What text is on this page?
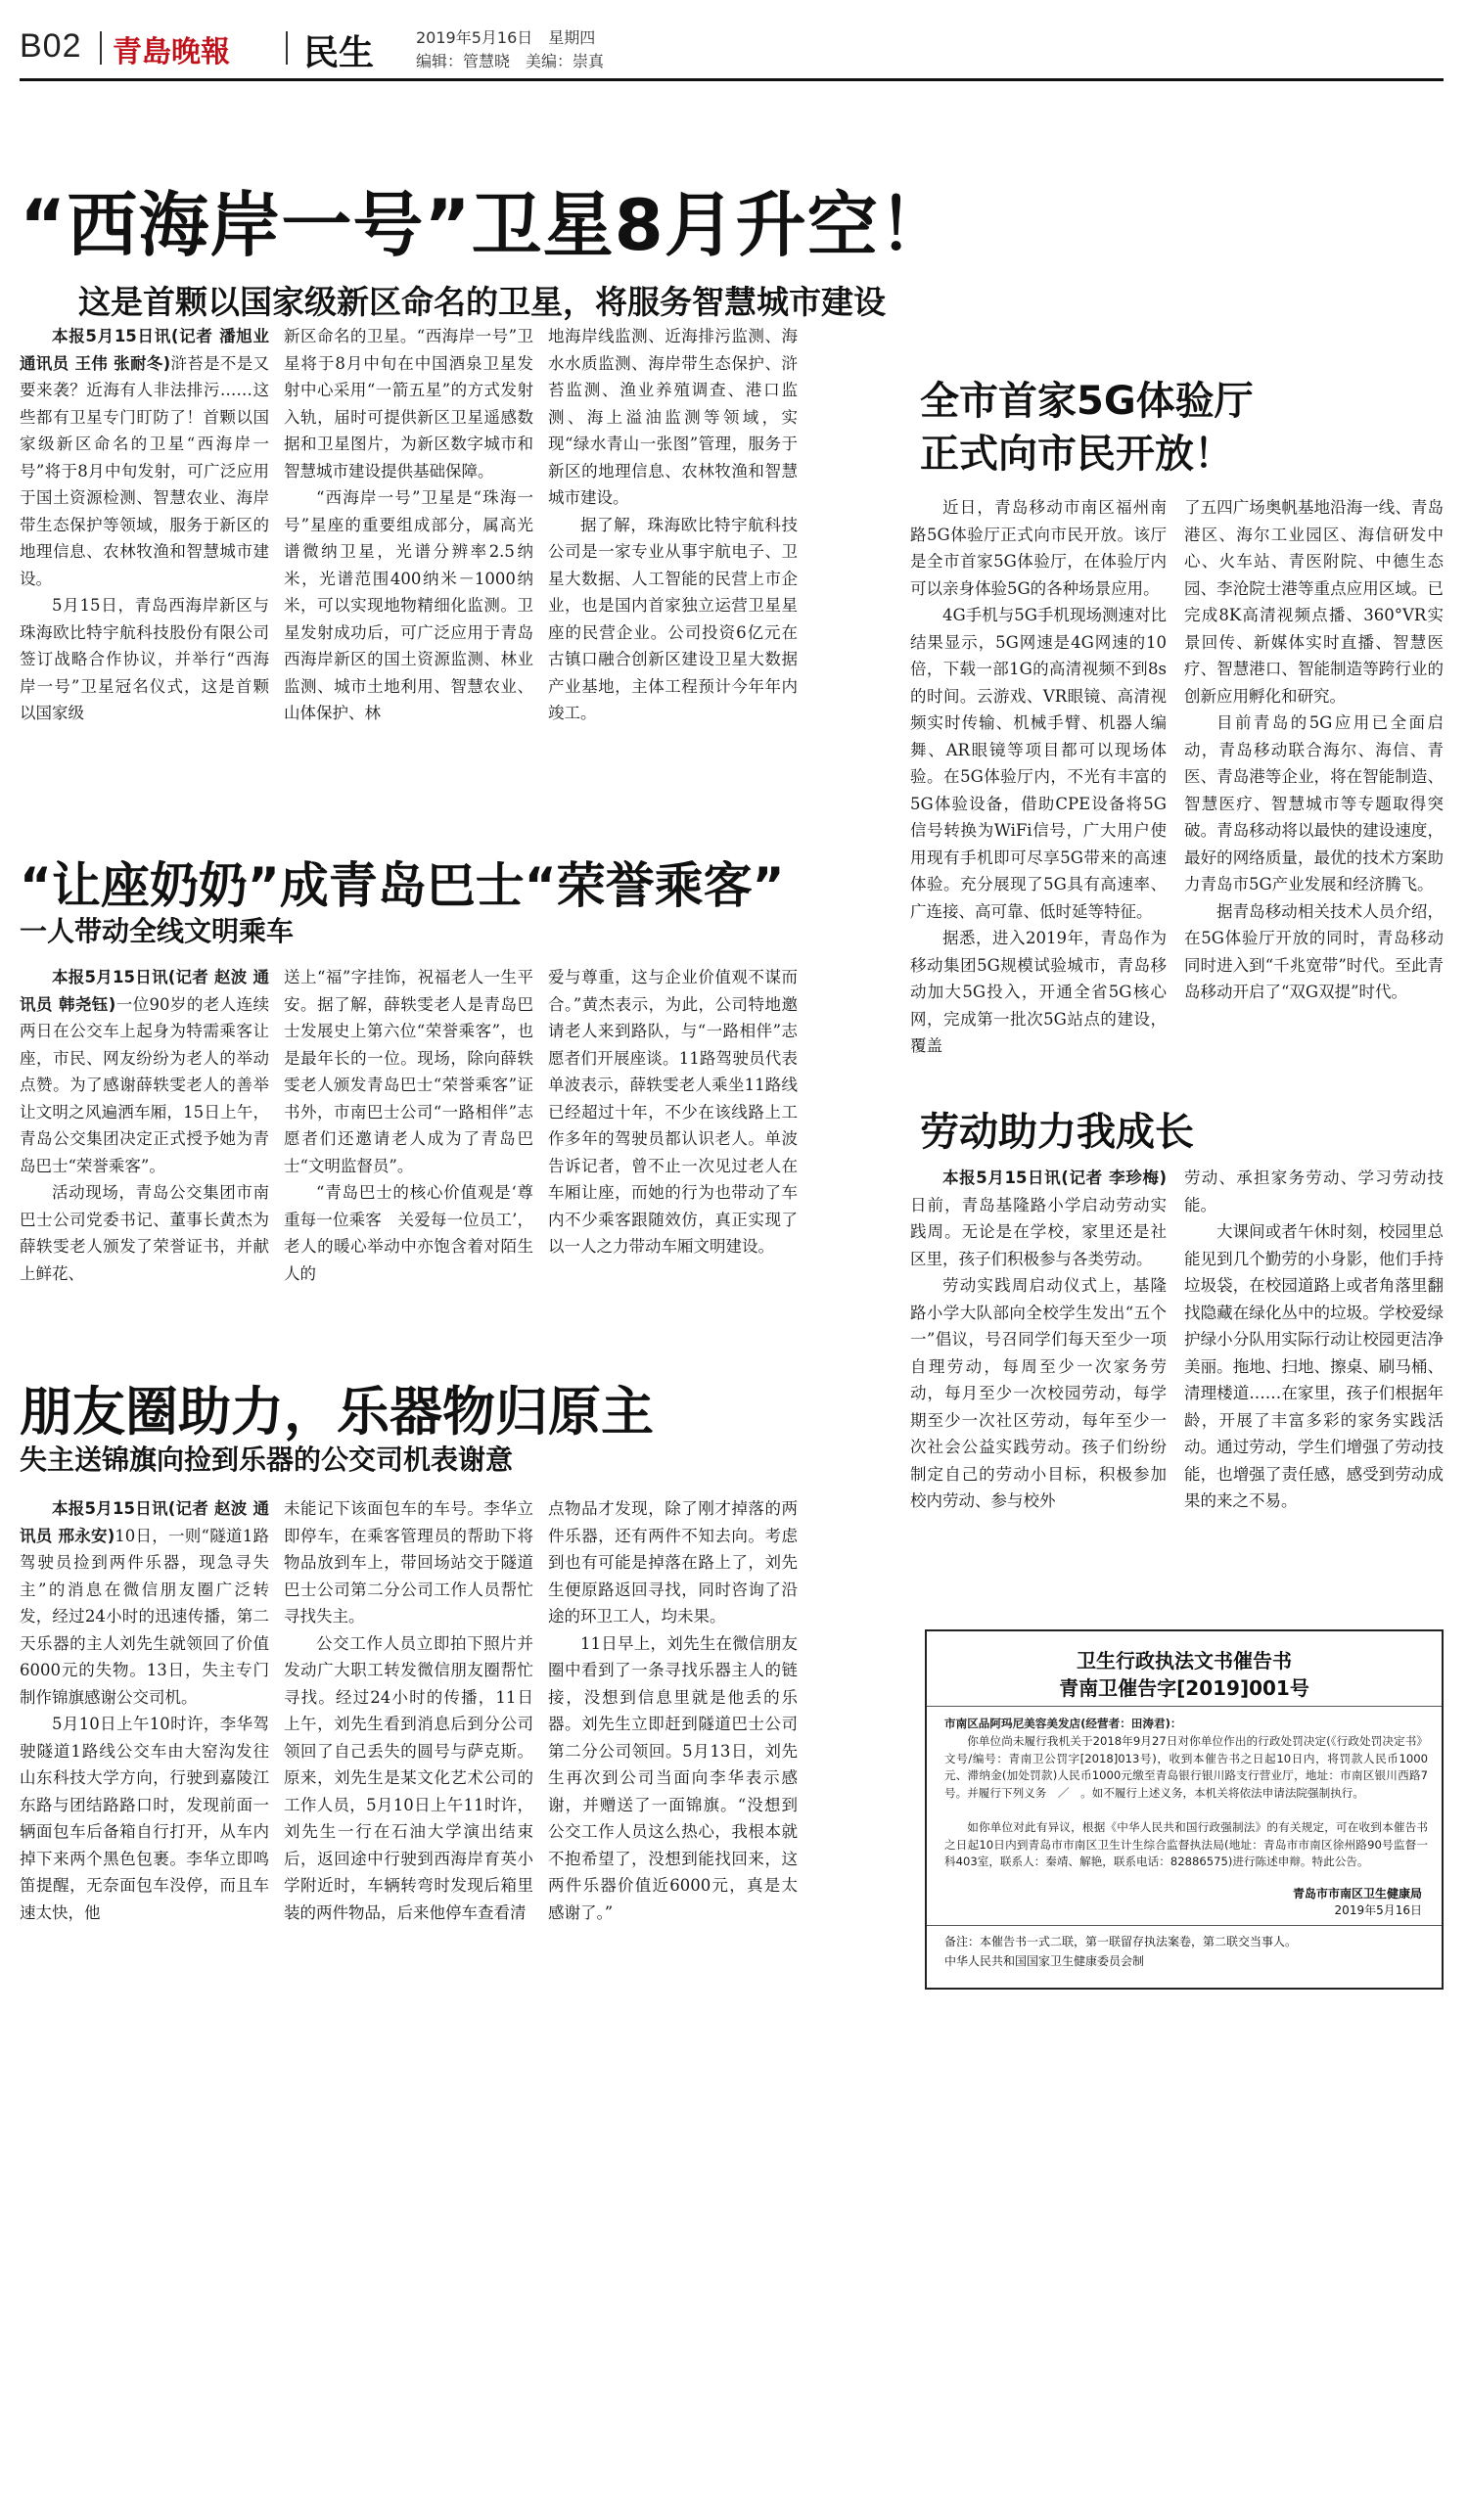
B02 青島晚報 民生	2019年5月16日　星期四
编辑：管慧晓　美编：崇真
“西海岸一号”卫星8月升空！
这是首颗以国家级新区命名的卫星，将服务智慧城市建设

本报5月15日讯(记者 潘旭业 通讯员 王伟 张耐冬)浒苔是不是又要来袭？近海有人非法排污……这些都有卫星专门盯防了！首颗以国家级新区命名的卫星“西海岸一号”将于8月中旬发射，可广泛应用于国土资源检测、智慧农业、海岸带生态保护等领域，服务于新区的地理信息、农林牧渔和智慧城市建设。

5月15日，青岛西海岸新区与珠海欧比特宇航科技股份有限公司签订战略合作协议，并举行“西海岸一号”卫星冠名仪式，这是首颗以国家级

新区命名的卫星。“西海岸一号”卫星将于8月中旬在中国酒泉卫星发射中心采用“一箭五星”的方式发射入轨，届时可提供新区卫星遥感数据和卫星图片，为新区数字城市和智慧城市建设提供基础保障。

“西海岸一号”卫星是“珠海一号”星座的重要组成部分，属高光谱微纳卫星，光谱分辨率2.5纳米，光谱范围400纳米－1000纳米，可以实现地物精细化监测。卫星发射成功后，可广泛应用于青岛西海岸新区的国土资源监测、林业监测、城市土地利用、智慧农业、山体保护、林

地海岸线监测、近海排污监测、海水水质监测、海岸带生态保护、浒苔监测、渔业养殖调查、港口监测、海上溢油监测等领域，实现“绿水青山一张图”管理，服务于新区的地理信息、农林牧渔和智慧城市建设。

据了解，珠海欧比特宇航科技公司是一家专业从事宇航电子、卫星大数据、人工智能的民营上市企业，也是国内首家独立运营卫星星座的民营企业。公司投资6亿元在古镇口融合创新区建设卫星大数据产业基地，主体工程预计今年年内竣工。

“让座奶奶”成青岛巴士“荣誉乘客”
一人带动全线文明乘车

本报5月15日讯(记者 赵波 通讯员 韩尧钰)一位90岁的老人连续两日在公交车上起身为特需乘客让座，市民、网友纷纷为老人的举动点赞。为了感谢薛轶雯老人的善举让文明之风遍洒车厢，15日上午，青岛公交集团决定正式授予她为青岛巴士“荣誉乘客”。

活动现场，青岛公交集团市南巴士公司党委书记、董事长黄杰为薛轶雯老人颁发了荣誉证书，并献上鲜花、

送上“福”字挂饰，祝福老人一生平安。据了解，薛轶雯老人是青岛巴士发展史上第六位“荣誉乘客”，也是最年长的一位。现场，除向薛轶雯老人颁发青岛巴士“荣誉乘客”证书外，市南巴士公司“一路相伴”志愿者们还邀请老人成为了青岛巴士“文明监督员”。

“青岛巴士的核心价值观是‘尊重每一位乘客　关爱每一位员工’，老人的暖心举动中亦饱含着对陌生人的

爱与尊重，这与企业价值观不谋而合。”黄杰表示，为此，公司特地邀请老人来到路队，与“一路相伴”志愿者们开展座谈。11路驾驶员代表单波表示，薛轶雯老人乘坐11路线已经超过十年，不少在该线路上工作多年的驾驶员都认识老人。单波告诉记者，曾不止一次见过老人在车厢让座，而她的行为也带动了车内不少乘客跟随效仿，真正实现了以一人之力带动车厢文明建设。

朋友圈助力，乐器物归原主
失主送锦旗向捡到乐器的公交司机表谢意

本报5月15日讯(记者 赵波 通讯员 邢永安)10日，一则“隧道1路驾驶员捡到两件乐器，现急寻失主”的消息在微信朋友圈广泛转发，经过24小时的迅速传播，第二天乐器的主人刘先生就领回了价值6000元的失物。13日，失主专门制作锦旗感谢公交司机。

5月10日上午10时许，李华驾驶隧道1路线公交车由大窑沟发往山东科技大学方向，行驶到嘉陵江东路与团结路路口时，发现前面一辆面包车后备箱自行打开，从车内掉下来两个黑色包裹。李华立即鸣笛提醒，无奈面包车没停，而且车速太快，他

未能记下该面包车的车号。李华立即停车，在乘客管理员的帮助下将物品放到车上，带回场站交于隧道巴士公司第二分公司工作人员帮忙寻找失主。

公交工作人员立即拍下照片并发动广大职工转发微信朋友圈帮忙寻找。经过24小时的传播，11日上午，刘先生看到消息后到分公司领回了自己丢失的圆号与萨克斯。原来，刘先生是某文化艺术公司的工作人员，5月10日上午11时许，刘先生一行在石油大学演出结束后，返回途中行驶到西海岸育英小学附近时，车辆转弯时发现后箱里装的两件物品，后来他停车查看清

点物品才发现，除了刚才掉落的两件乐器，还有两件不知去向。考虑到也有可能是掉落在路上了，刘先生便原路返回寻找，同时咨询了沿途的环卫工人，均未果。

11日早上，刘先生在微信朋友圈中看到了一条寻找乐器主人的链接，没想到信息里就是他丢的乐器。刘先生立即赶到隧道巴士公司第二分公司领回。5月13日，刘先生再次到公司当面向李华表示感谢，并赠送了一面锦旗。“没想到公交工作人员这么热心，我根本就不抱希望了，没想到能找回来，这两件乐器价值近6000元，真是太感谢了。”

全市首家5G体验厅
正式向市民开放！

近日，青岛移动市南区福州南路5G体验厅正式向市民开放。该厅是全市首家5G体验厅，在体验厅内可以亲身体验5G的各种场景应用。

4G手机与5G手机现场测速对比结果显示，5G网速是4G网速的10倍，下载一部1G的高清视频不到8s的时间。云游戏、VR眼镜、高清视频实时传输、机械手臂、机器人编舞、AR眼镜等项目都可以现场体验。在5G体验厅内，不光有丰富的5G体验设备，借助CPE设备将5G信号转换为WiFi信号，广大用户使用现有手机即可尽享5G带来的高速体验。充分展现了5G具有高速率、广连接、高可靠、低时延等特征。

据悉，进入2019年，青岛作为移动集团5G规模试验城市，青岛移动加大5G投入，开通全省5G核心网，完成第一批次5G站点的建设，覆盖

了五四广场奥帆基地沿海一线、青岛港区、海尔工业园区、海信研发中心、火车站、青医附院、中德生态园、李沧院士港等重点应用区域。已完成8K高清视频点播、360°VR实景回传、新媒体实时直播、智慧医疗、智慧港口、智能制造等跨行业的创新应用孵化和研究。

目前青岛的5G应用已全面启动，青岛移动联合海尔、海信、青医、青岛港等企业，将在智能制造、智慧医疗、智慧城市等专题取得突破。青岛移动将以最快的建设速度，最好的网络质量，最优的技术方案助力青岛市5G产业发展和经济腾飞。

据青岛移动相关技术人员介绍，在5G体验厅开放的同时，青岛移动同时进入到“千兆宽带”时代。至此青岛移动开启了“双G双提”时代。

劳动助力我成长

本报5月15日讯(记者 李珍梅)日前，青岛基隆路小学启动劳动实践周。无论是在学校，家里还是社区里，孩子们积极参与各类劳动。

劳动实践周启动仪式上，基隆路小学大队部向全校学生发出“五个一”倡议，号召同学们每天至少一项自理劳动，每周至少一次家务劳动，每月至少一次校园劳动，每学期至少一次社区劳动，每年至少一次社会公益实践劳动。孩子们纷纷制定自己的劳动小目标，积极参加校内劳动、参与校外

劳动、承担家务劳动、学习劳动技能。

大课间或者午休时刻，校园里总能见到几个勤劳的小身影，他们手持垃圾袋，在校园道路上或者角落里翻找隐藏在绿化丛中的垃圾。学校爱绿护绿小分队用实际行动让校园更洁净美丽。拖地、扫地、擦桌、刷马桶、清理楼道……在家里，孩子们根据年龄，开展了丰富多彩的家务实践活动。通过劳动，学生们增强了劳动技能，也增强了责任感，感受到劳动成果的来之不易。

卫生行政执法文书催告书
青南卫催告字[2019]001号
市南区品阿玛尼美容美发店(经营者：田涛君)：

你单位尚未履行我机关于2018年9月27日对你单位作出的行政处罚决定(《行政处罚决定书》文号/编号：青南卫公罚字[2018]013号)，收到本催告书之日起10日内，将罚款人民币1000元、滞纳金(加处罚款)人民币1000元缴至青岛银行银川路支行营业厅，地址：市南区银川西路7号。并履行下列义务　／　。如不履行上述义务，本机关将依法申请法院强制执行。

如你单位对此有异议，根据《中华人民共和国行政强制法》的有关规定，可在收到本催告书之日起10日内到青岛市市南区卫生计生综合监督执法局(地址：青岛市市南区徐州路90号监督一科403室，联系人：秦靖、解艳，联系电话：82886575)进行陈述申辩。特此公告。

青岛市市南区卫生健康局
2019年5月16日
备注：本催告书一式二联，第一联留存执法案卷，第二联交当事人。
中华人民共和国国家卫生健康委员会制
